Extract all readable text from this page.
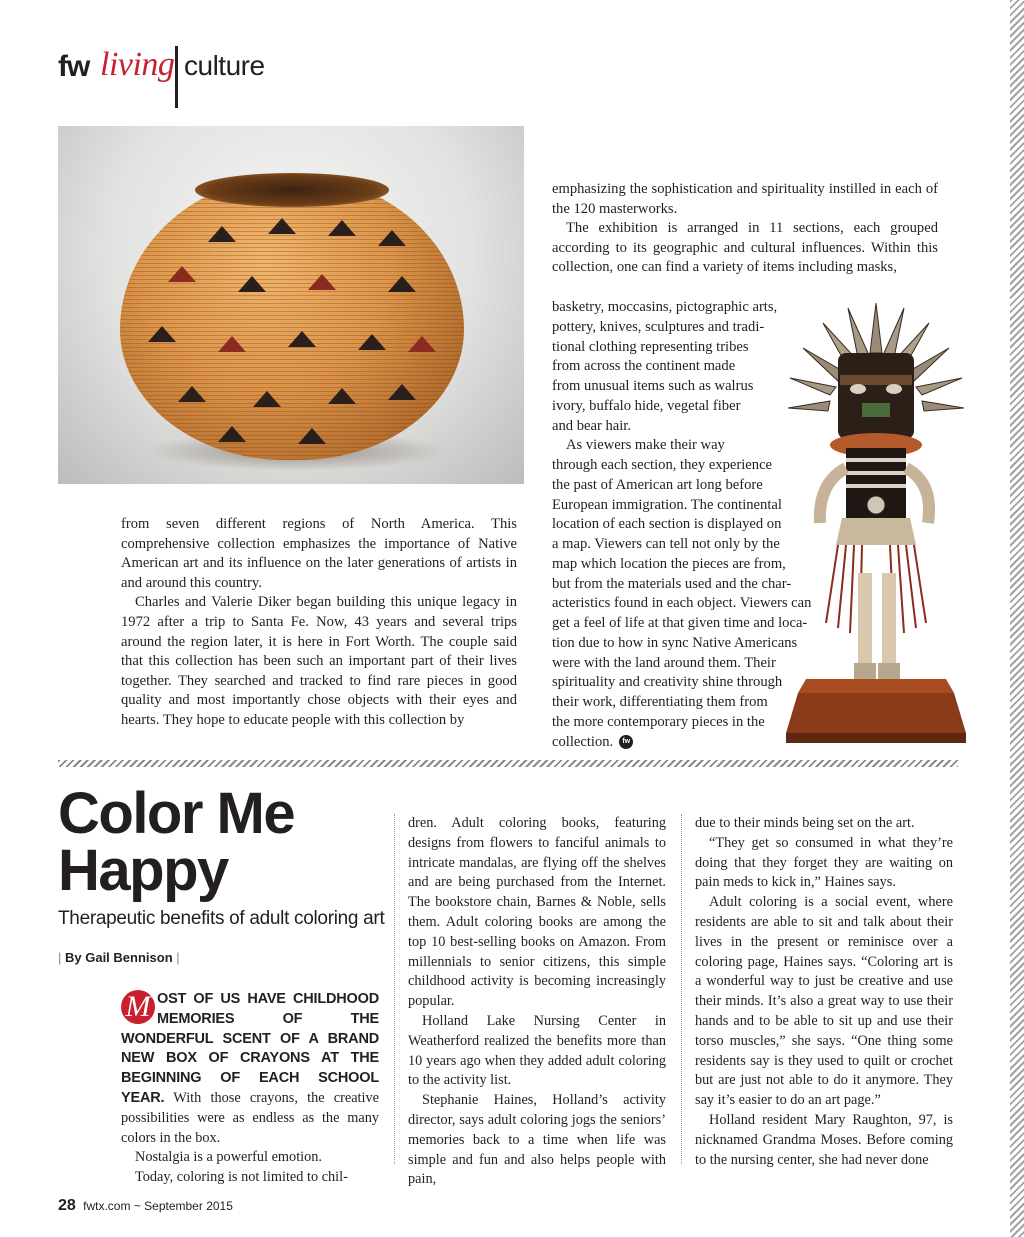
fw living culture

from seven different regions of North America. This comprehensive collection emphasizes the importance of Native American art and its influence on the later generations of artists in and around this country.

Charles and Valerie Diker began building this unique legacy in 1972 after a trip to Santa Fe. Now, 43 years and several trips around the region later, it is here in Fort Worth. The couple said that this collection has been such an important part of their lives together. They searched and tracked to find rare pieces in good quality and most importantly chose objects with their eyes and hearts. They hope to educate people with this collection by

emphasizing the sophistication and spirituality instilled in each of the 120 masterworks.

The exhibition is arranged in 11 sections, each grouped according to its geographic and cultural influences. Within this collection, one can find a variety of items including masks,

basketry, moccasins, pictographic arts,
pottery, knives, sculptures and tradi-
tional clothing representing tribes
from across the continent made
from unusual items such as walrus
ivory, buffalo hide, vegetal fiber
and bear hair.
As viewers make their way
through each section, they experience
the past of American art long before
European immigration. The continental
location of each section is displayed on
a map. Viewers can tell not only by the
map which location the pieces are from,
but from the materials used and the char-
acteristics found in each object. Viewers can
get a feel of life at that given time and loca-
tion due to how in sync Native Americans
were with the land around them. Their
spirituality and creativity shine through
their work, differentiating them from
the more contemporary pieces in the
collection. fw
Color Me
Happy
Therapeutic benefits of adult coloring art
| By Gail Bennison |

M OST OF US HAVE CHILDHOOD MEMORIES OF THE WONDERFUL SCENT OF A BRAND NEW BOX OF CRAYONS AT THE BEGINNING OF EACH SCHOOL YEAR. With those crayons, the creative possibilities were as endless as the many colors in the box.

Nostalgia is a powerful emotion.

Today, coloring is not limited to chil-

dren. Adult coloring books, featuring designs from flowers to fanciful animals to intricate mandalas, are flying off the shelves and are being purchased from the Internet. The bookstore chain, Barnes & Noble, sells them. Adult coloring books are among the top 10 best-selling books on Amazon. From millennials to senior citizens, this simple childhood activity is becoming increasingly popular.

Holland Lake Nursing Center in Weatherford realized the benefits more than 10 years ago when they added adult coloring to the activity list.

Stephanie Haines, Holland’s activity director, says adult coloring jogs the seniors’ memories back to a time when life was simple and fun and also helps people with pain,

due to their minds being set on the art.

“They get so consumed in what they’re doing that they forget they are waiting on pain meds to kick in,” Haines says.

Adult coloring is a social event, where residents are able to sit and talk about their lives in the present or reminisce over a coloring page, Haines says. “Coloring art is a wonderful way to just be creative and use their minds. It’s also a great way to use their hands and to be able to sit up and use their torso muscles,” she says. “One thing some residents say is they used to quilt or crochet but are just not able to do it anymore. They say it’s easier to do an art page.”

Holland resident Mary Raughton, 97, is nicknamed Grandma Moses. Before coming to the nursing center, she had never done

28 fwtx.com ~ September 2015
